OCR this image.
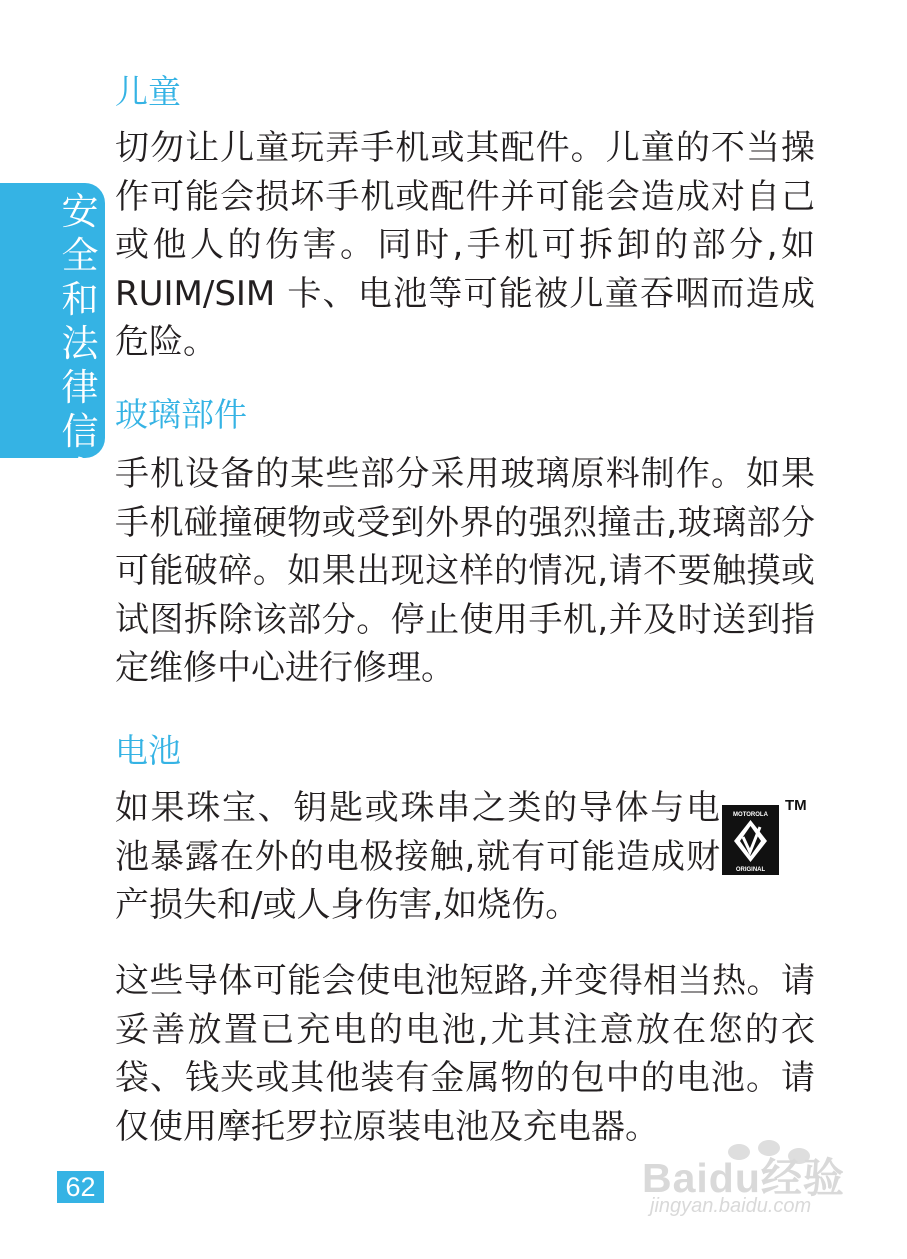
安全和法律信息
儿童

切勿让儿童玩弄手机或其配件。儿童的不当操作可能会损坏手机或配件并可能会造成对自己或他人的伤害。同时,手机可拆卸的部分,如 RUIM/SIM 卡、电池等可能被儿童吞咽而造成危险。

玻璃部件

手机设备的某些部分采用玻璃原料制作。如果手机碰撞硬物或受到外界的强烈撞击,玻璃部分可能破碎。如果出现这样的情况,请不要触摸或试图拆除该部分。停止使用手机,并及时送到指定维修中心进行修理。

电池

如果珠宝、钥匙或珠串之类的导体与电池暴露在外的电极接触,就有可能造成财产损失和/或人身伤害,如烧伤。

MOTOROLA
ORIGINAL
TM

这些导体可能会使电池短路,并变得相当热。请妥善放置已充电的电池,尤其注意放在您的衣袋、钱夹或其他装有金属物的包中的电池。请仅使用摩托罗拉原装电池及充电器。

62	Baidu经验
jingyan.baidu.com
